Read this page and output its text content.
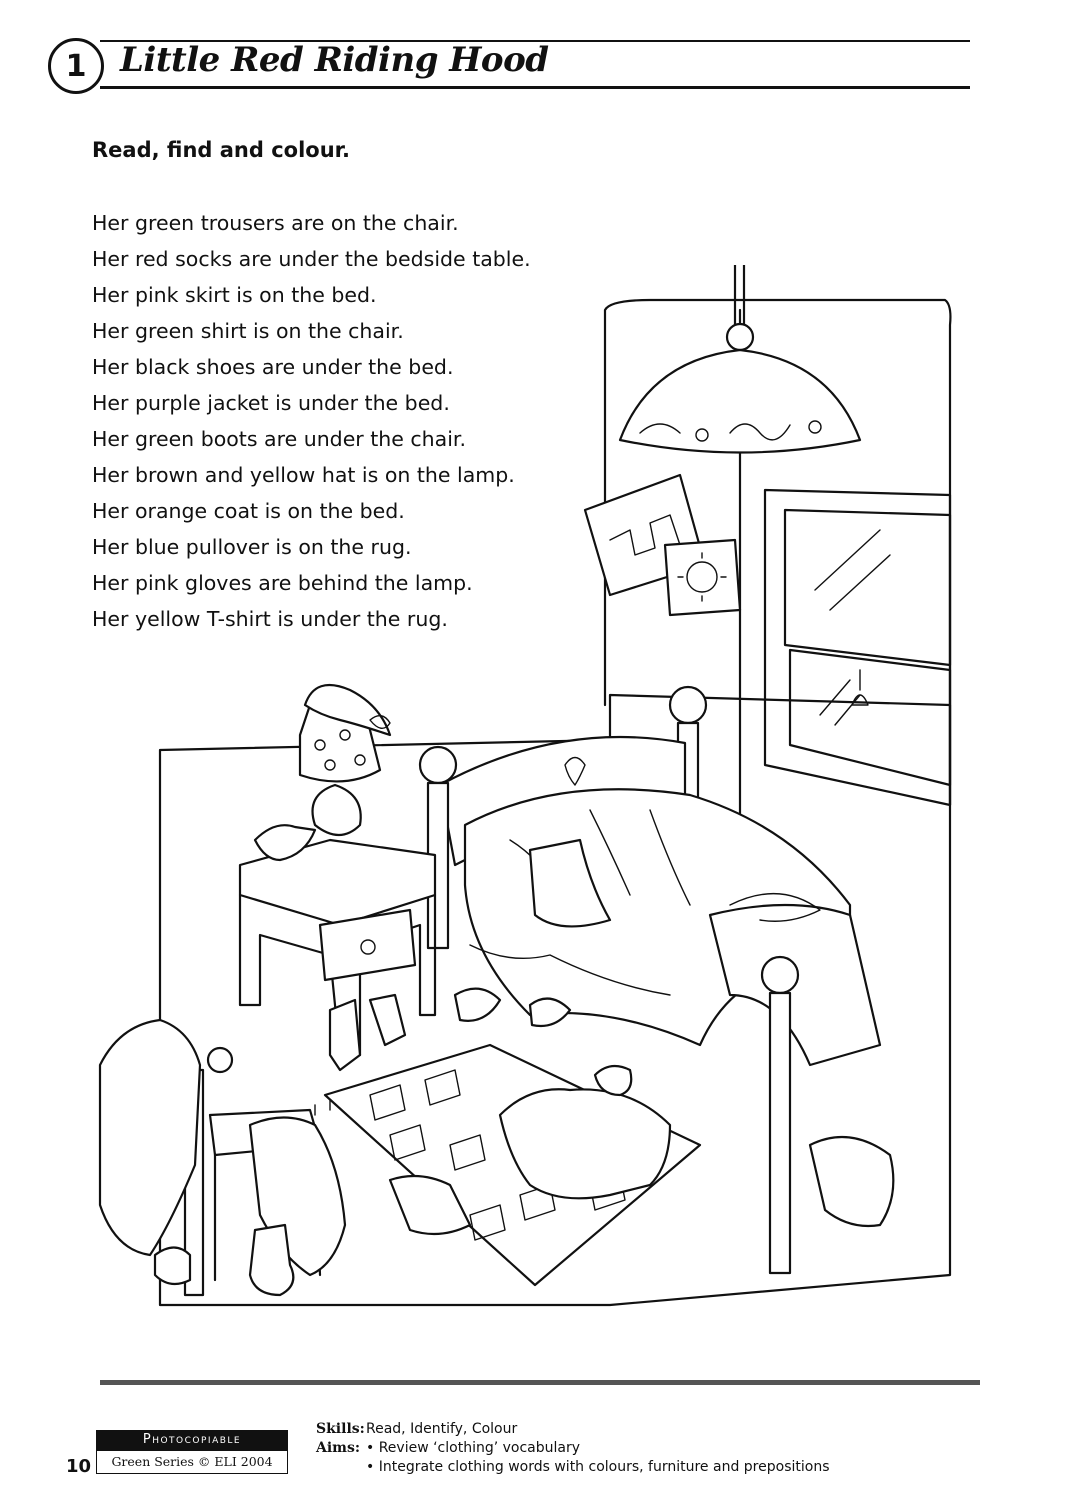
1 Little Red Riding Hood
Read, find and colour.
Her green trousers are on the chair.
Her red socks are under the bedside table.
Her pink skirt is on the bed.
Her green shirt is on the chair.
Her black shoes are under the bed.
Her purple jacket is under the bed.
Her green boots are under the chair.
Her brown and yellow hat is on the lamp.
Her orange coat is on the bed.
Her blue pullover is on the rug.
Her pink gloves are behind the lamp.
Her yellow T-shirt is under the rug.
10
Photocopiable
Green Series © ELI 2004
Skills:Read, Identify, Colour
Aims: • Review ‘clothing’ vocabulary
• Integrate clothing words with colours, furniture and prepositions
